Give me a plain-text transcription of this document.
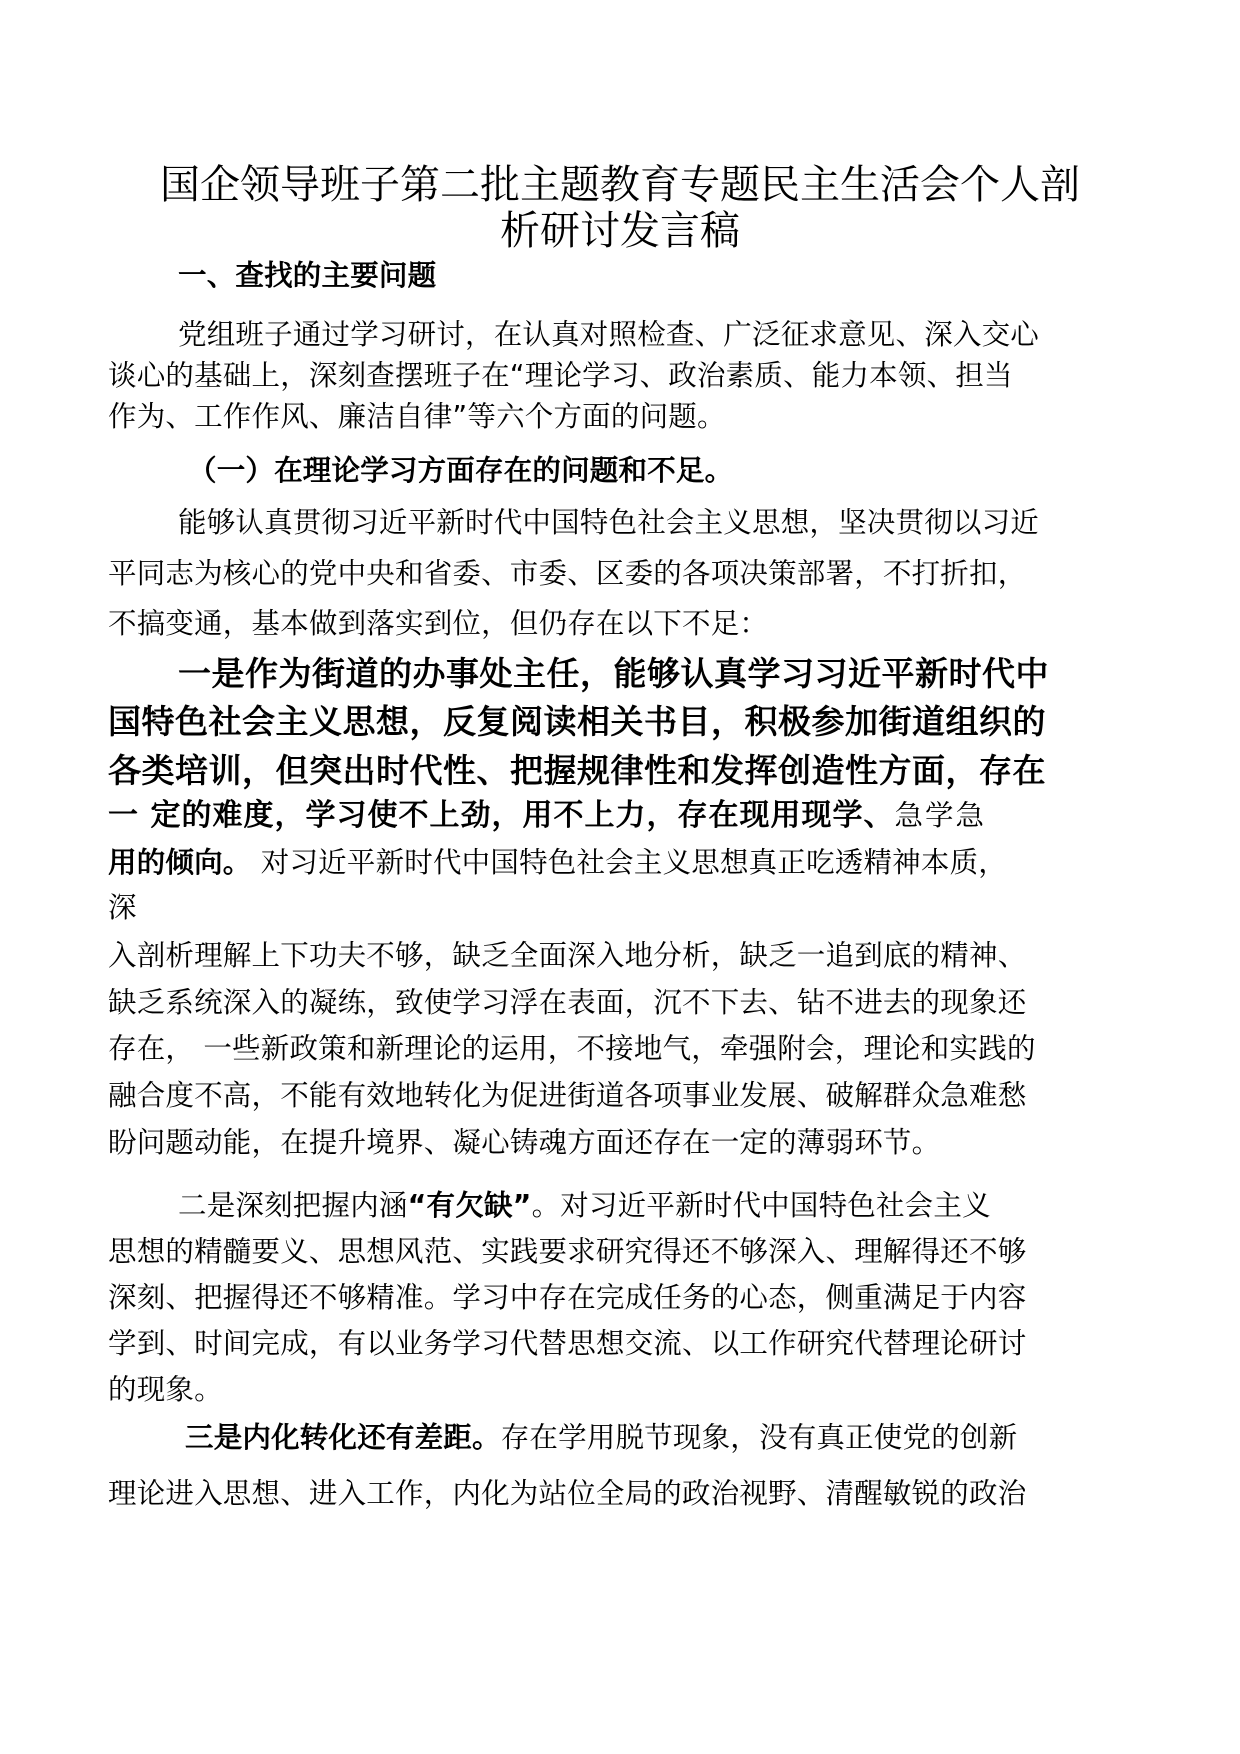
国企领导班子第二批主题教育专题民主生活会个人剖
析研讨发言稿
一、查找的主要问题
党组班子通过学习研讨，在认真对照检查、广泛征求意见、深入交心
谈心的基础上，深刻查摆班子在“理论学习、政治素质、能力本领、担当
作为、工作作风、廉洁自律”等六个方面的问题。
（一）在理论学习方面存在的问题和不足。
能够认真贯彻习近平新时代中国特色社会主义思想，坚决贯彻以习近
平同志为核心的党中央和省委、市委、区委的各项决策部署，不打折扣，
不搞变通，基本做到落实到位，但仍存在以下不足：
一是作为街道的办事处主任，能够认真学习习近平新时代中
国特色社会主义思想，反复阅读相关书目，积极参加街道组织的
各类培训，但突出时代性、把握规律性和发挥创造性方面，存在
一 定的难度，学习使不上劲，用不上力，存在现用现学、急学急
用的倾向。 对习近平新时代中国特色社会主义思想真正吃透精神本质，
深
入剖析理解上下功夫不够，缺乏全面深入地分析，缺乏一追到底的精神、
缺乏系统深入的凝练，致使学习浮在表面，沉不下去、钻不进去的现象还
存在， 一些新政策和新理论的运用，不接地气，牵强附会，理论和实践的
融合度不高，不能有效地转化为促进街道各项事业发展、破解群众急难愁
盼问题动能，在提升境界、凝心铸魂方面还存在一定的薄弱环节。
二是深刻把握内涵“有欠缺”。对习近平新时代中国特色社会主义
思想的精髓要义、思想风范、实践要求研究得还不够深入、理解得还不够
深刻、把握得还不够精准。学习中存在完成任务的心态，侧重满足于内容
学到、时间完成，有以业务学习代替思想交流、以工作研究代替理论研讨
的现象。
三是内化转化还有差距。存在学用脱节现象，没有真正使党的创新
理论进入思想、进入工作，内化为站位全局的政治视野、清醒敏锐的政治
